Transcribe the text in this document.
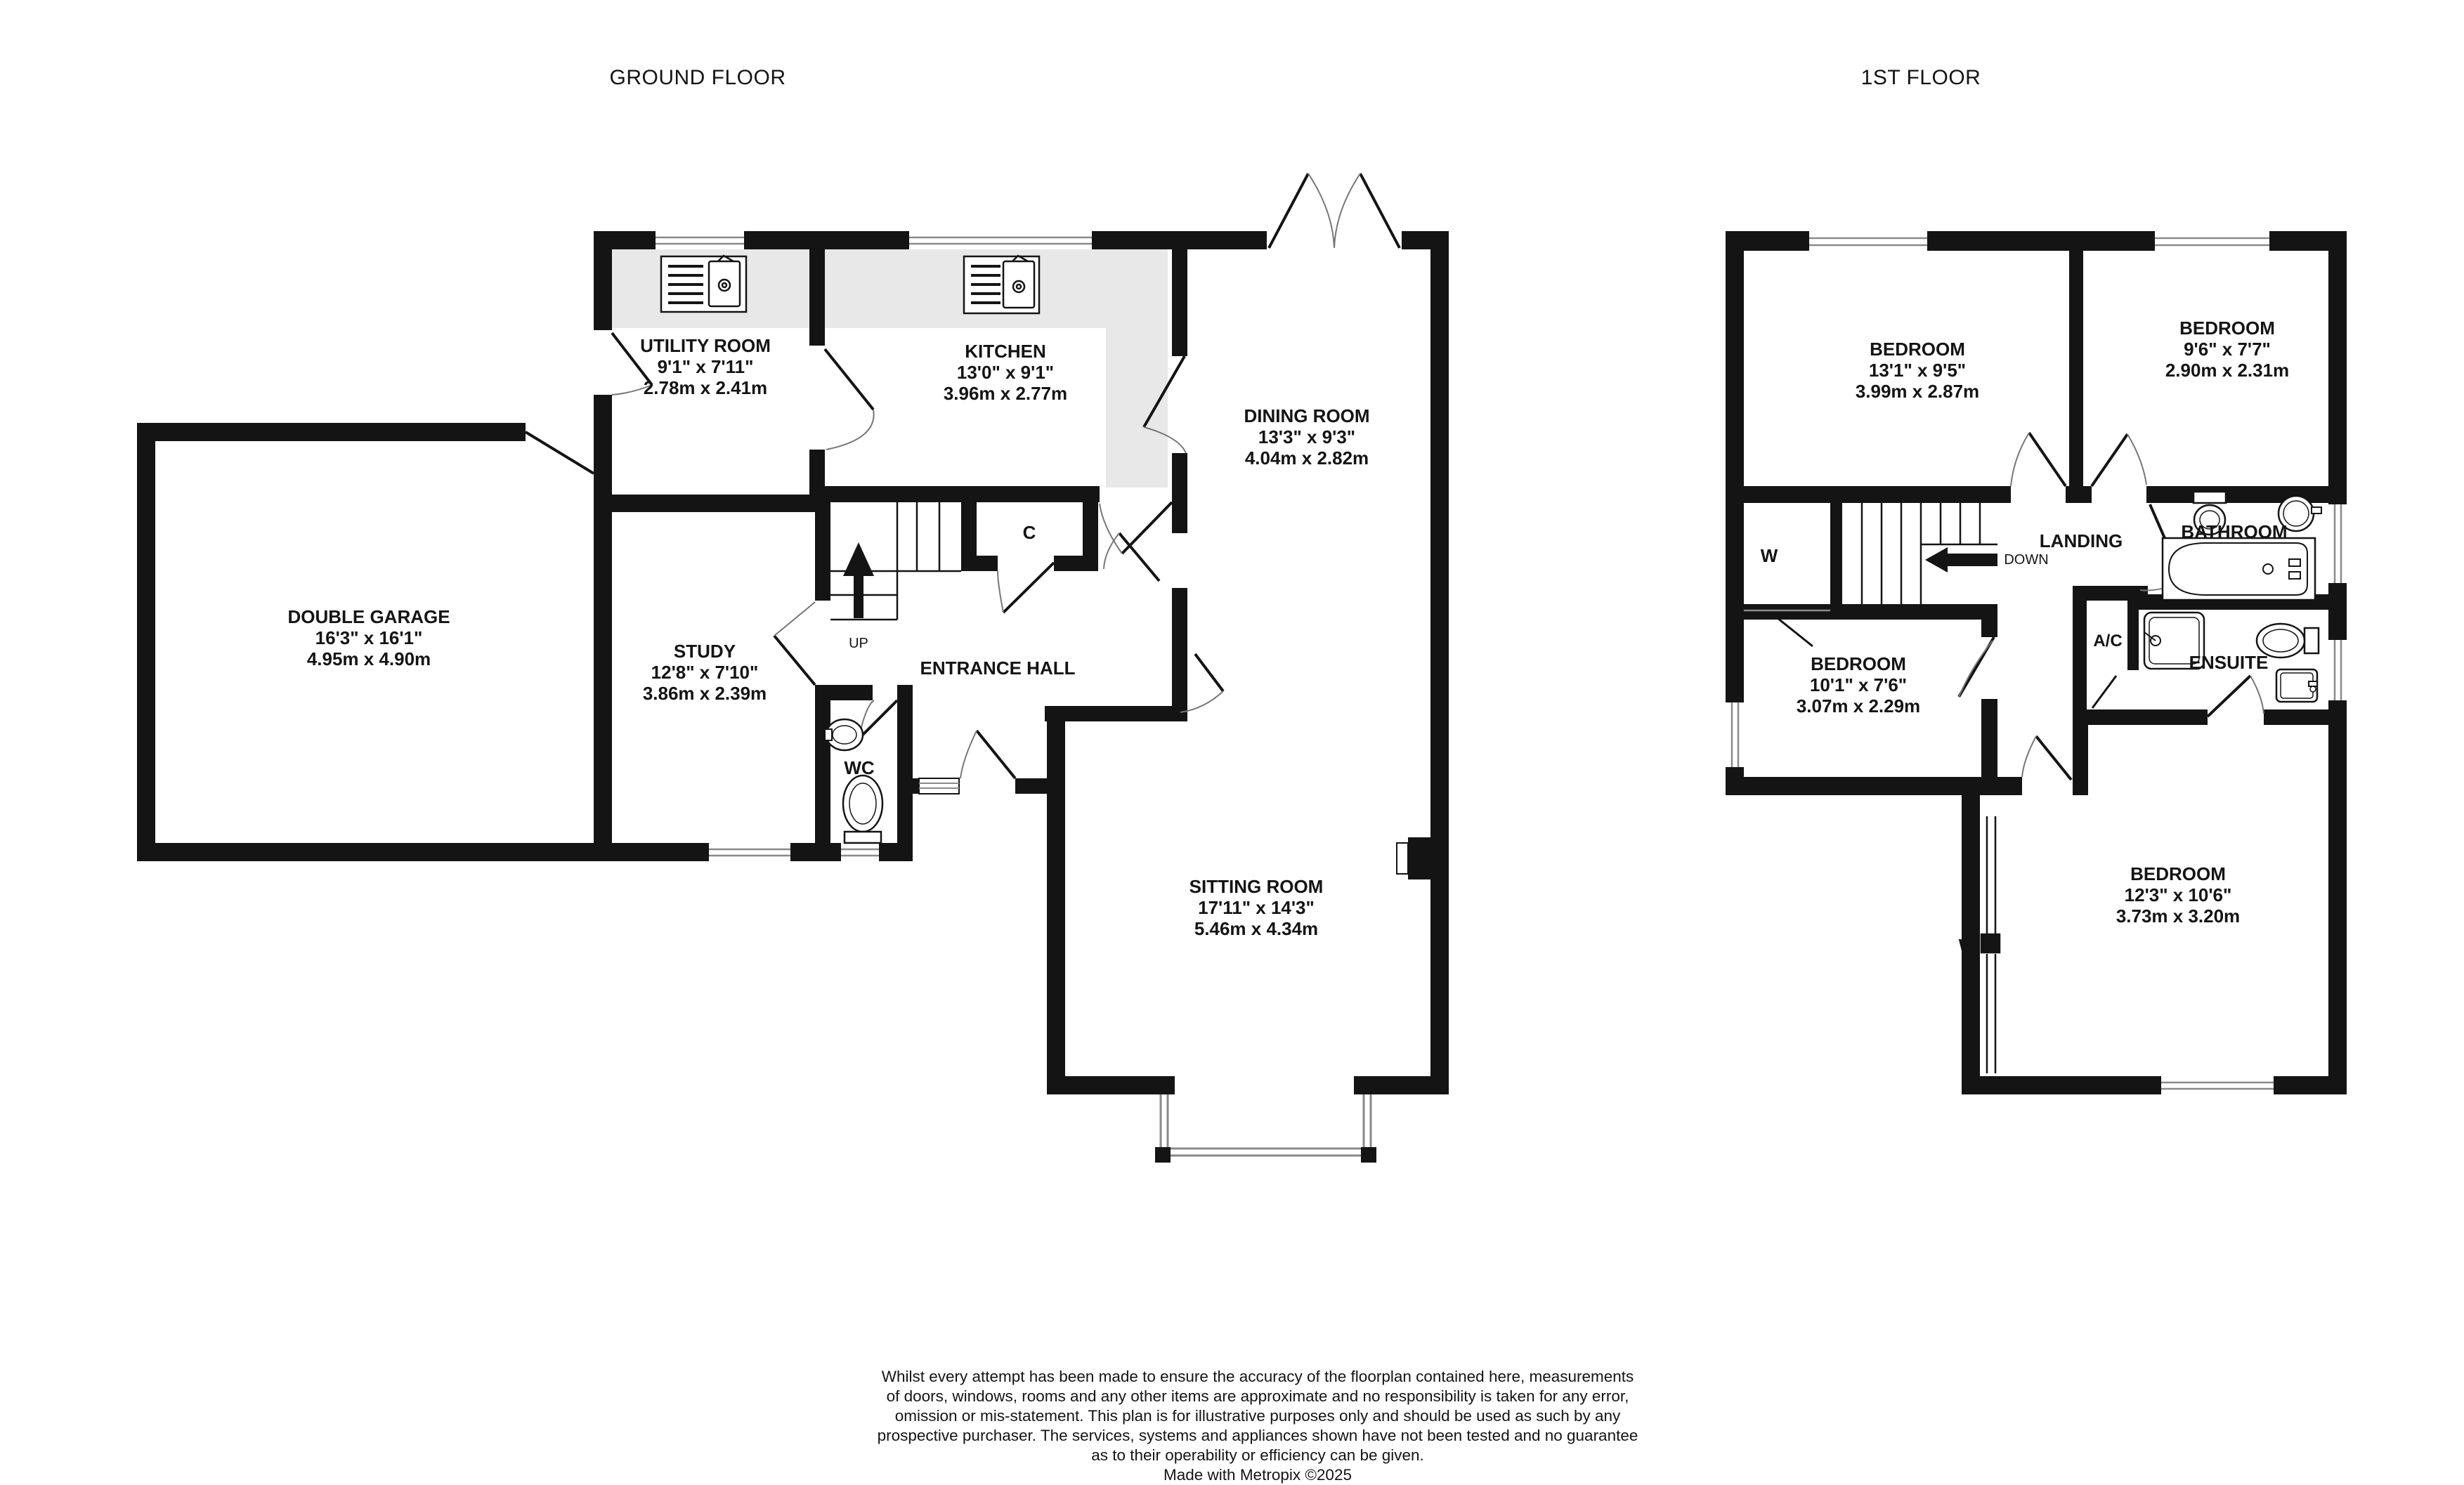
GROUND FLOOR	1ST FLOOR
UTILITY ROOM
9'1" x 7'11"
2.78m x 2.41m
KITCHEN
13'0" x 9'1"
3.96m x 2.77m
DINING ROOM
13'3" x 9'3"
4.04m x 2.82m
DOUBLE GARAGE
16'3" x 16'1"
4.95m x 4.90m	STUDY
12'8" x 7'10"
3.86m x 2.39m
ENTRANCE HALL
SITTING ROOM
17'11" x 14'3"
5.46m x 4.34m
WC
C
UP
BEDROOM
13'1" x 9'5"
3.99m x 2.87m
BEDROOM
9'6" x 7'7"
2.90m x 2.31m
BEDROOM
10'1" x 7'6"
3.07m x 2.29m
BEDROOM
12'3" x 10'6"
3.73m x 3.20m
LANDING	BATHROOM
ENSUITE
A/C
W
W
DOWN
Whilst every attempt has been made to ensure the accuracy of the floorplan contained here, measurements
of doors, windows, rooms and any other items are approximate and no responsibility is taken for any error,
omission or mis-statement. This plan is for illustrative purposes only and should be used as such by any
prospective purchaser. The services, systems and appliances shown have not been tested and no guarantee
as to their operability or efficiency can be given.
Made with Metropix ©2025
